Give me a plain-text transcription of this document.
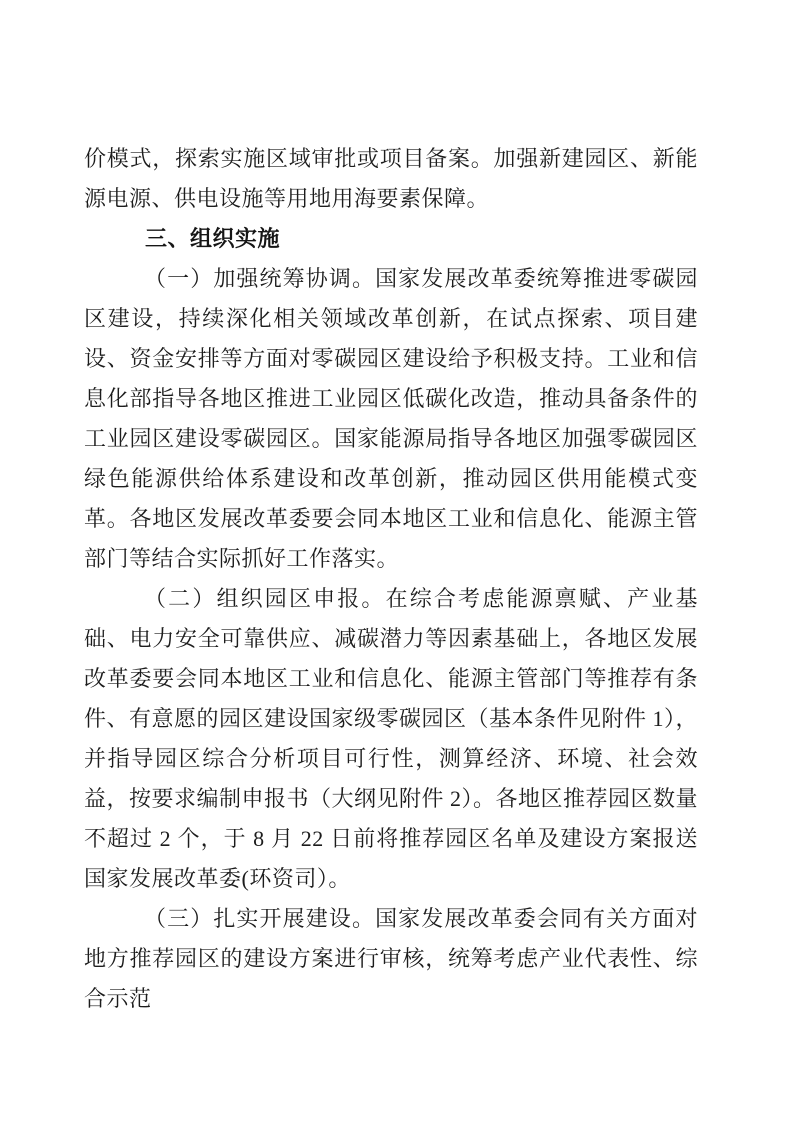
价模式，探索实施区域审批或项目备案。加强新建园区、新能源电源、供电设施等用地用海要素保障。

三、组织实施

（一）加强统筹协调。国家发展改革委统筹推进零碳园区建设，持续深化相关领域改革创新，在试点探索、项目建设、资金安排等方面对零碳园区建设给予积极支持。工业和信息化部指导各地区推进工业园区低碳化改造，推动具备条件的工业园区建设零碳园区。国家能源局指导各地区加强零碳园区绿色能源供给体系建设和改革创新，推动园区供用能模式变革。各地区发展改革委要会同本地区工业和信息化、能源主管部门等结合实际抓好工作落实。

（二）组织园区申报。在综合考虑能源禀赋、产业基础、电力安全可靠供应、减碳潜力等因素基础上，各地区发展改革委要会同本地区工业和信息化、能源主管部门等推荐有条件、有意愿的园区建设国家级零碳园区（基本条件见附件 1），并指导园区综合分析项目可行性，测算经济、环境、社会效益，按要求编制申报书（大纲见附件 2）。各地区推荐园区数量不超过 2 个，于 8 月 22 日前将推荐园区名单及建设方案报送国家发展改革委(环资司）。

（三）扎实开展建设。国家发展改革委会同有关方面对地方推荐园区的建设方案进行审核，统筹考虑产业代表性、综合示范
